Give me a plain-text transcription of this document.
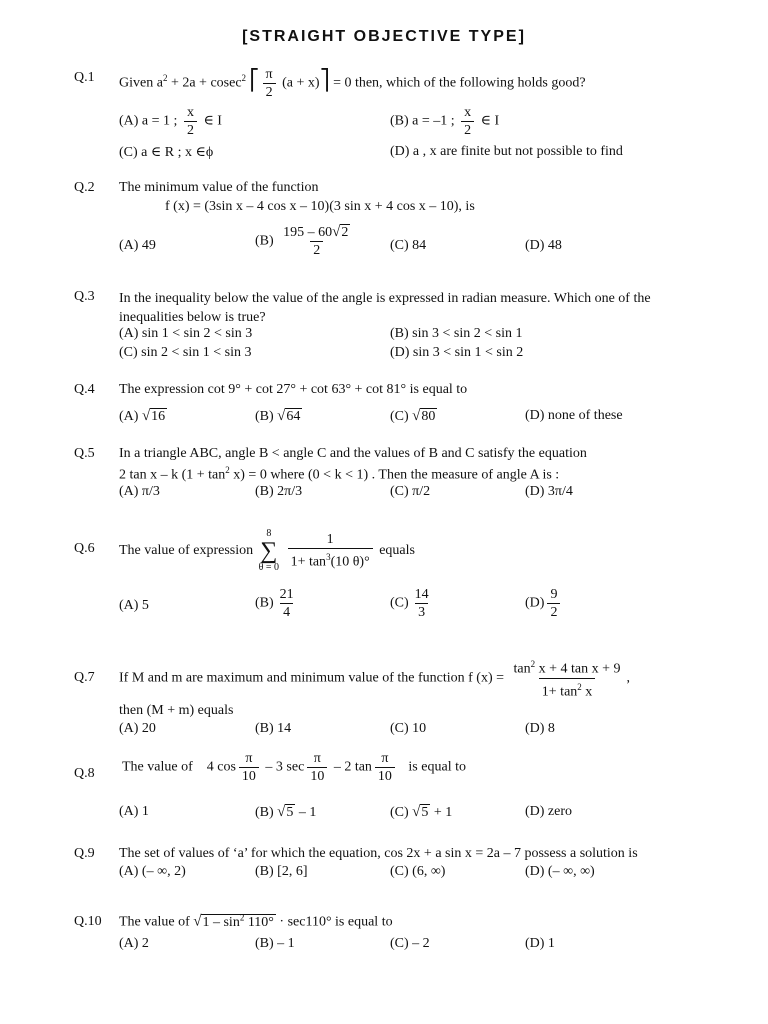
[STRAIGHT OBJECTIVE TYPE]
Q.1 Given $a^2 + 2a + cosec^2$ ⎡ $\frac{\pi}{2} (a$ + x)⎤ = 0 then, which of the following holds good?
(A) a = 1 ; $\frac{x}{2}$ ∈ I	(B) a = –1 ; $\frac{x}{2}$ ∈ I
(C) a ∈ R ; x ∈ϕ	(D) a , x are finite but not possible to find
Q.2 The minimum value of the function
f (x) = (3sin x – 4 cos x – 10)(3 sin x + 4 cos x – 10), is
(A) 49	$(B) \frac{195 - 60√2}{2}$	(C) 84	(D) 48
Q.3 In the inequality below the value of the angle is expressed in radian measure. Which one of the inequalities below is true?
(A) sin 1 < sin 2 < sin 3	(B) sin 3 < sin 2 < sin 1
(C) sin 2 < sin 1 < sin 3	(D) sin 3 < sin 1 < sin 2
Q.4 The expression cot 9° + cot 27° + cot 63° + cot 81° is equal to
(A) √16	(B) √64	(C) √80	(D) none of these
Q.5 In a triangle ABC, angle B < angle C and the values of B and C satisfy the equation
2 tan x – k $(1 + \tan^2 x) = 0$ where (0 < k < 1) . Then the measure of angle A is :
(A) π/3	(B) 2π/3	(C) π/2	(D) 3π/4
Q.6 The value of expression
8
∑
θ = 0
$\frac{1}{1+ \tan^3(10 \theta)^\circ}$ equals
(A) 5	$(B) \frac{21}{4}$	$(C) \frac{14}{3}$	$(D) \frac{9}{2}$
Q.7 If M and m are maximum and minimum value of the function f $(x) = \frac{\tan^2 x + 4 \tan x + 9}{1+ \tan^2 x}$ ,
then (M + m) equals
(A) 20	(B) 14	(C) 10	(D) 8
Q.8 The value of 4 $\cos \frac{\pi}{10} - 3$ $\sec \frac{\pi}{10} - 2$ $\tan \frac{\pi}{10}$ is equal to
(A) 1	(B) √5 – 1	(C) √5 + 1	(D) zero
Q.9 The set of values of ‘a’ for which the equation, cos 2x + a sin x = 2a – 7 possess a solution is
(A) (– ∞, 2)	(B) [2, 6]	(C) (6, ∞)	(D) (– ∞, ∞)
Q.10 The value of $√1 - \sin^2 110^\circ \cdot \sec 110^\circ$ is equal to
(A) 2	(B) – 1	(C) – 2	(D) 1
